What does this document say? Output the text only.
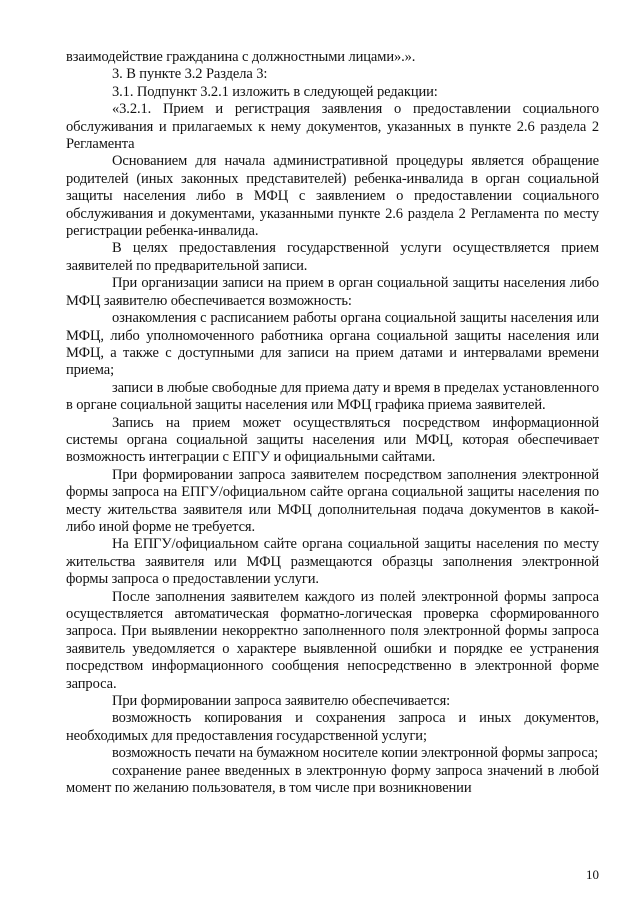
взаимодействие гражданина с должностными лицами».».

3. В пункте 3.2 Раздела 3:

3.1. Подпункт 3.2.1 изложить в следующей редакции:

«3.2.1. Прием и регистрация заявления о предоставлении социального обслуживания и прилагаемых к нему документов, указанных в пункте 2.6 раздела 2 Регламента

Основанием для начала административной процедуры является обращение родителей (иных законных представителей) ребенка-инвалида в орган социальной защиты населения либо в МФЦ с заявлением о предоставлении социального обслуживания и документами, указанными пункте 2.6 раздела 2 Регламента по месту регистрации ребенка-инвалида.

В целях предоставления государственной услуги осуществляется прием заявителей по предварительной записи.

При организации записи на прием в орган социальной защиты населения либо МФЦ заявителю обеспечивается возможность:

ознакомления с расписанием работы органа социальной защиты населения или МФЦ, либо уполномоченного работника органа социальной защиты населения или МФЦ, а также с доступными для записи на прием датами и интервалами времени приема;

записи в любые свободные для приема дату и время в пределах установленного в органе социальной защиты населения или МФЦ графика приема заявителей.

Запись на прием может осуществляться посредством информационной системы органа социальной защиты населения или МФЦ, которая обеспечивает возможность интеграции с ЕПГУ и официальными сайтами.

При формировании запроса заявителем посредством заполнения электронной формы запроса на ЕПГУ/официальном сайте органа социальной защиты населения по месту жительства заявителя или МФЦ дополнительная подача документов в какой-либо иной форме не требуется.

На ЕПГУ/официальном сайте органа социальной защиты населения по месту жительства заявителя или МФЦ размещаются образцы заполнения электронной формы запроса о предоставлении услуги.

После заполнения заявителем каждого из полей электронной формы запроса осуществляется автоматическая форматно-логическая проверка сформированного запроса. При выявлении некорректно заполненного поля электронной формы запроса заявитель уведомляется о характере выявленной ошибки и порядке ее устранения посредством информационного сообщения непосредственно в электронной форме запроса.

При формировании запроса заявителю обеспечивается:

возможность копирования и сохранения запроса и иных документов, необходимых для предоставления государственной услуги;

возможность печати на бумажном носителе копии электронной формы запроса;

сохранение ранее введенных в электронную форму запроса значений в любой момент по желанию пользователя, в том числе при возникновении

10
